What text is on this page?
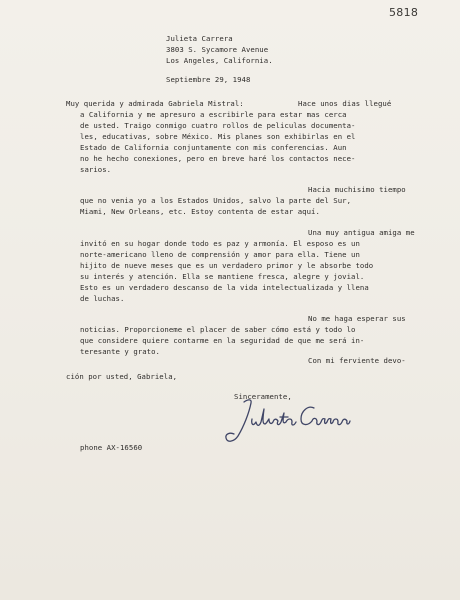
5818
Julieta Carrera
3803 S. Sycamore Avenue
Los Angeles, California.
Septiembre 29, 1948
Muy querida y admirada Gabriela Mistral:	Hace unos dias llegué
a California y me apresuro a escribirle para estar mas cerca
de usted. Traigo conmigo cuatro rollos de peliculas documenta-
les, educativas, sobre México. Mis planes son exhibirlas en el
Estado de California conjuntamente con mis conferencias. Aun
no he hecho conexiones, pero en breve haré los contactos nece-
sarios.
Hacia muchisimo tiempo
que no venia yo a los Estados Unidos, salvo la parte del Sur,
Miami, New Orleans, etc. Estoy contenta de estar aquí.
Una muy antigua amiga me
invitó en su hogar donde todo es paz y armonía. El esposo es un
norte-americano lleno de comprensión y amor para ella. Tiene un
hijito de nueve meses que es un verdadero primor y le absorbe todo
su interés y atención. Ella se mantiene fresca, alegre y jovial.
Esto es un verdadero descanso de la vida intelectualizada y llena
de luchas.
No me haga esperar sus
noticias. Proporcioneme el placer de saber cómo está y todo lo
que considere quiere contarme en la seguridad de que me será in-
teresante y grato.
Con mi ferviente devo-
ción por usted, Gabriela,
Sinceramente,
phone AX-16560
